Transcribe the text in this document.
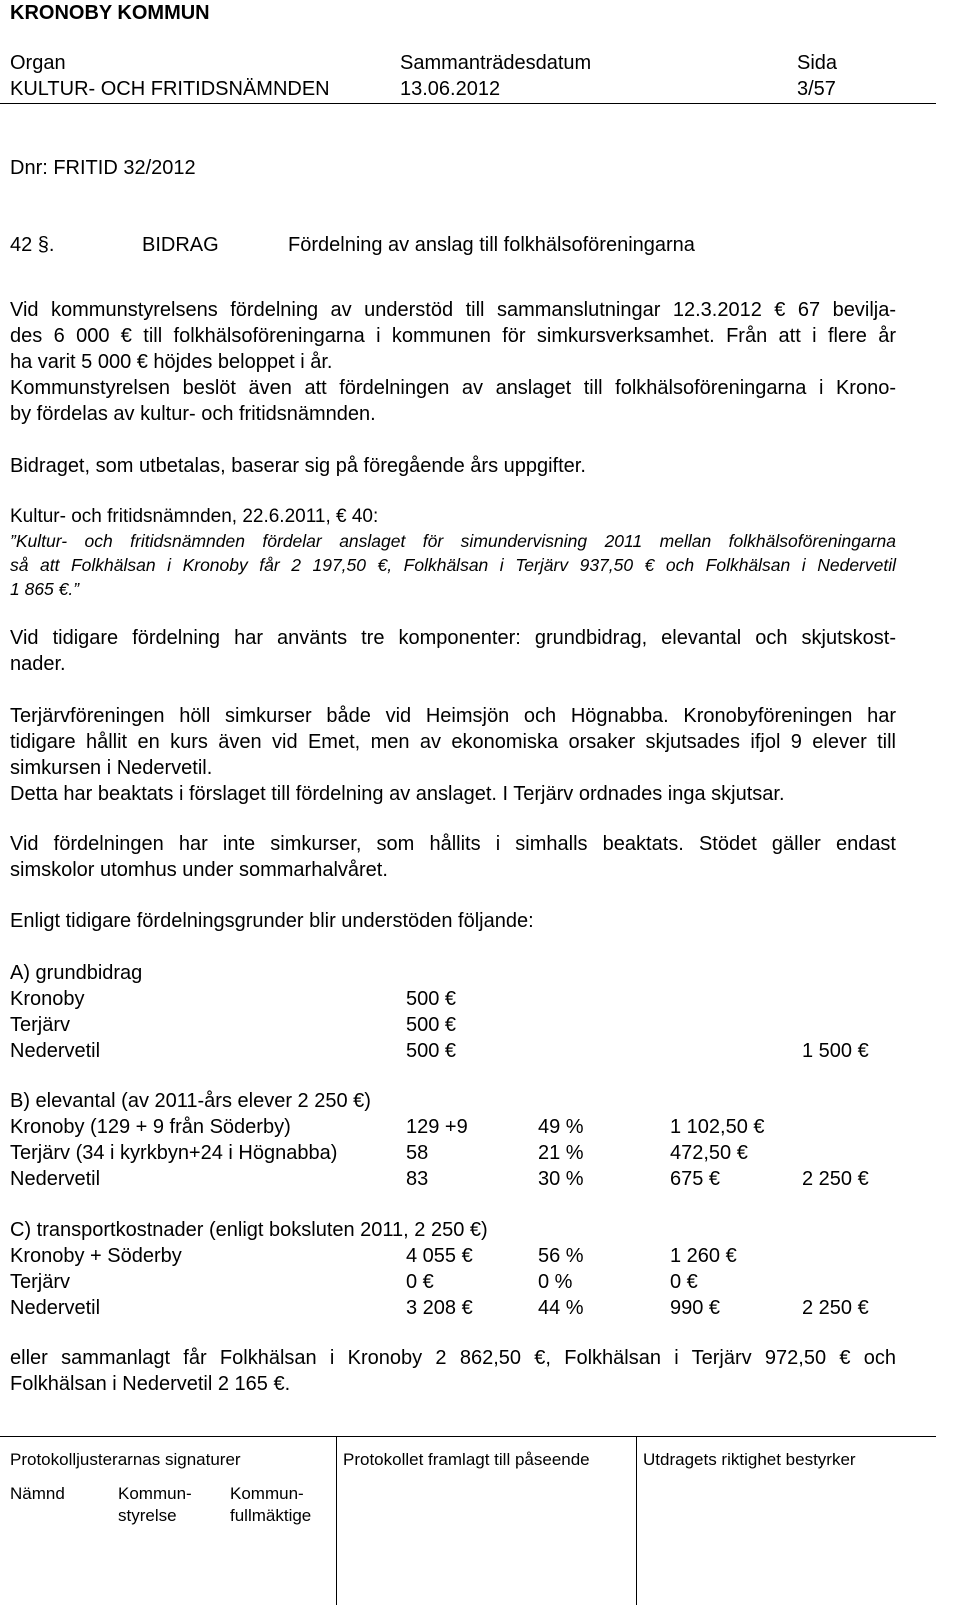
KRONOBY KOMMUN
Organ	Sammanträdesdatum	Sida
KULTUR- OCH FRITIDSNÄMNDEN	13.06.2012	3/57
Dnr: FRITID 32/2012
42 §.	BIDRAG	Fördelning av anslag till folkhälsoföreningarna
Vid kommunstyrelsens fördelning av understöd till sammanslutningar 12.3.2012 € 67 bevilja-
des 6 000 € till folkhälsoföreningarna i kommunen för simkursverksamhet. Från att i flere år
ha varit 5 000 € höjdes beloppet i år.
Kommunstyrelsen beslöt även att fördelningen av anslaget till folkhälsoföreningarna i Krono-
by fördelas av kultur- och fritidsnämnden.
Bidraget, som utbetalas, baserar sig på föregående års uppgifter.
Kultur- och fritidsnämnden, 22.6.2011, € 40:
”Kultur- och fritidsnämnden fördelar anslaget för simundervisning 2011 mellan folkhälsoföreningarna
så att Folkhälsan i Kronoby får 2 197,50 €, Folkhälsan i Terjärv 937,50 € och Folkhälsan i Nedervetil
1 865 €.”
Vid tidigare fördelning har använts tre komponenter: grundbidrag, elevantal och skjutskost-
nader.
Terjärvföreningen höll simkurser både vid Heimsjön och Högnabba. Kronobyföreningen har
tidigare hållit en kurs även vid Emet, men av ekonomiska orsaker skjutsades ifjol 9 elever till
simkursen i Nedervetil.
Detta har beaktats i förslaget till fördelning av anslaget. I Terjärv ordnades inga skjutsar.
Vid fördelningen har inte simkurser, som hållits i simhalls beaktats. Stödet gäller endast
simskolor utomhus under sommarhalvåret.
Enligt tidigare fördelningsgrunder blir understöden följande:
A) grundbidrag
Kronoby	500 €
Terjärv	500 €
Nedervetil	500 €	1 500 €
B) elevantal (av 2011-års elever 2 250 €)
Kronoby (129 + 9 från Söderby)	129 +9	49 %	1 102,50 €
Terjärv (34 i kyrkbyn+24 i Högnabba)	58	21 %	472,50 €
Nedervetil	83	30 %	675 €	2 250 €
C) transportkostnader (enligt boksluten 2011, 2 250 €)
Kronoby + Söderby	4 055 €	56 %	1 260 €
Terjärv	0 €	0 %	0 €
Nedervetil	3 208 €	44 %	990 €	2 250 €
eller sammanlagt får Folkhälsan i Kronoby 2 862,50 €, Folkhälsan i Terjärv 972,50 € och
Folkhälsan i Nedervetil 2 165 €.
Protokolljusterarnas signaturer	Protokollet framlagt till påseende	Utdragets riktighet bestyrker
Nämnd	Kommun-
styrelse
Kommun-
fullmäktige
